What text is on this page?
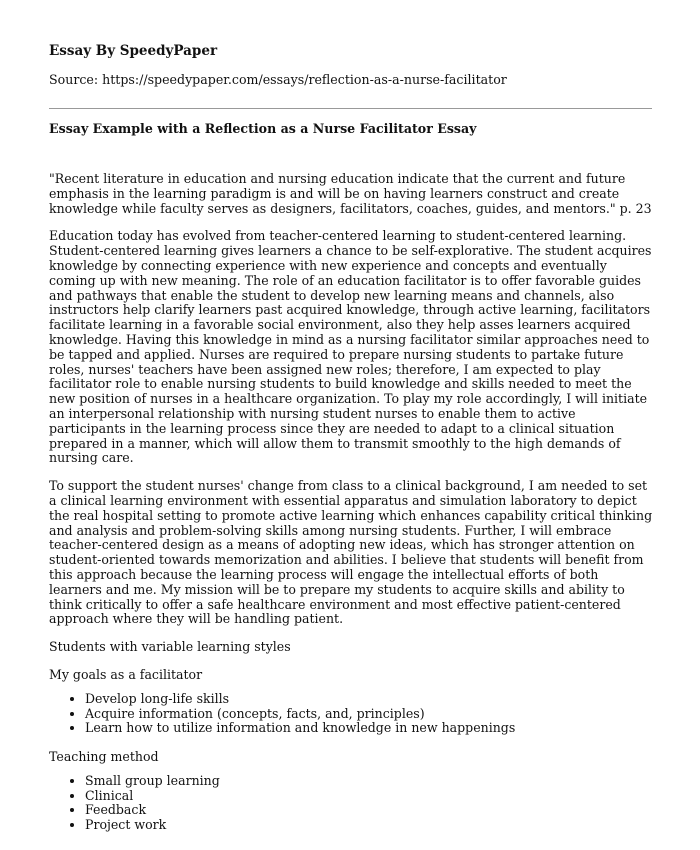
Essay By SpeedyPaper
Source: https://speedypaper.com/essays/reflection-as-a-nurse-facilitator
Essay Example with a Reflection as a Nurse Facilitator Essay

"Recent literature in education and nursing education indicate that the current and future emphasis in the learning paradigm is and will be on having learners construct and create knowledge while faculty serves as designers, facilitators, coaches, guides, and mentors." p. 23

Education today has evolved from teacher-centered learning to student-centered learning. Student-centered learning gives learners a chance to be self-explorative. The student acquires knowledge by connecting experience with new experience and concepts and eventually coming up with new meaning. The role of an education facilitator is to offer favorable guides and pathways that enable the student to develop new learning means and channels, also instructors help clarify learners past acquired knowledge, through active learning, facilitators facilitate learning in a favorable social environment, also they help asses learners acquired knowledge. Having this knowledge in mind as a nursing facilitator similar approaches need to be tapped and applied. Nurses are required to prepare nursing students to partake future roles, nurses' teachers have been assigned new roles; therefore, I am expected to play facilitator role to enable nursing students to build knowledge and skills needed to meet the new position of nurses in a healthcare organization. To play my role accordingly, I will initiate an interpersonal relationship with nursing student nurses to enable them to active participants in the learning process since they are needed to adapt to a clinical situation prepared in a manner, which will allow them to transmit smoothly to the high demands of nursing care.

To support the student nurses' change from class to a clinical background, I am needed to set a clinical learning environment with essential apparatus and simulation laboratory to depict the real hospital setting to promote active learning which enhances capability critical thinking and analysis and problem-solving skills among nursing students. Further, I will embrace teacher-centered design as a means of adopting new ideas, which has stronger attention on student-oriented towards memorization and abilities. I believe that students will benefit from this approach because the learning process will engage the intellectual efforts of both learners and me. My mission will be to prepare my students to acquire skills and ability to think critically to offer a safe healthcare environment and most effective patient-centered approach where they will be handling patient.

Students with variable learning styles
My goals as a facilitator
• Develop long-life skills
• Acquire information (concepts, facts, and, principles)
• Learn how to utilize information and knowledge in new happenings
Teaching method
• Small group learning
• Clinical
• Feedback
• Project work
